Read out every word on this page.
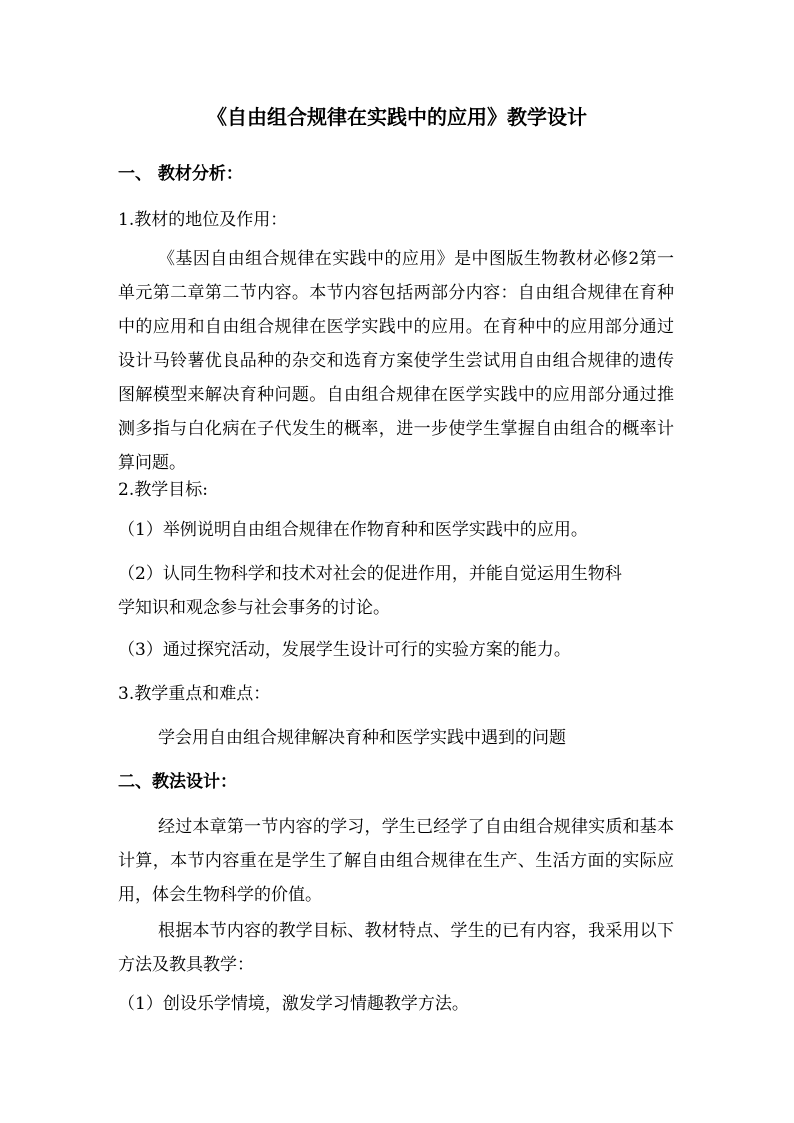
《自由组合规律在实践中的应用》教学设计
一、 教材分析：
1.教材的地位及作用：
《基因自由组合规律在实践中的应用》是中图版生物教材必修2第一单元第二章第二节内容。本节内容包括两部分内容：自由组合规律在育种中的应用和自由组合规律在医学实践中的应用。在育种中的应用部分通过设计马铃薯优良品种的杂交和选育方案使学生尝试用自由组合规律的遗传图解模型来解决育种问题。自由组合规律在医学实践中的应用部分通过推测多指与白化病在子代发生的概率，进一步使学生掌握自由组合的概率计算问题。
2.教学目标:
（1）举例说明自由组合规律在作物育种和医学实践中的应用。
（2）认同生物科学和技术对社会的促进作用，并能自觉运用生物科
学知识和观念参与社会事务的讨论。
（3）通过探究活动，发展学生设计可行的实验方案的能力。
3.教学重点和难点：
学会用自由组合规律解决育种和医学实践中遇到的问题
二、教法设计：
经过本章第一节内容的学习，学生已经学了自由组合规律实质和基本计算，本节内容重在是学生了解自由组合规律在生产、生活方面的实际应用，体会生物科学的价值。
根据本节内容的教学目标、教材特点、学生的已有内容，我采用以下方法及教具教学：
（1）创设乐学情境，激发学习情趣教学方法。
